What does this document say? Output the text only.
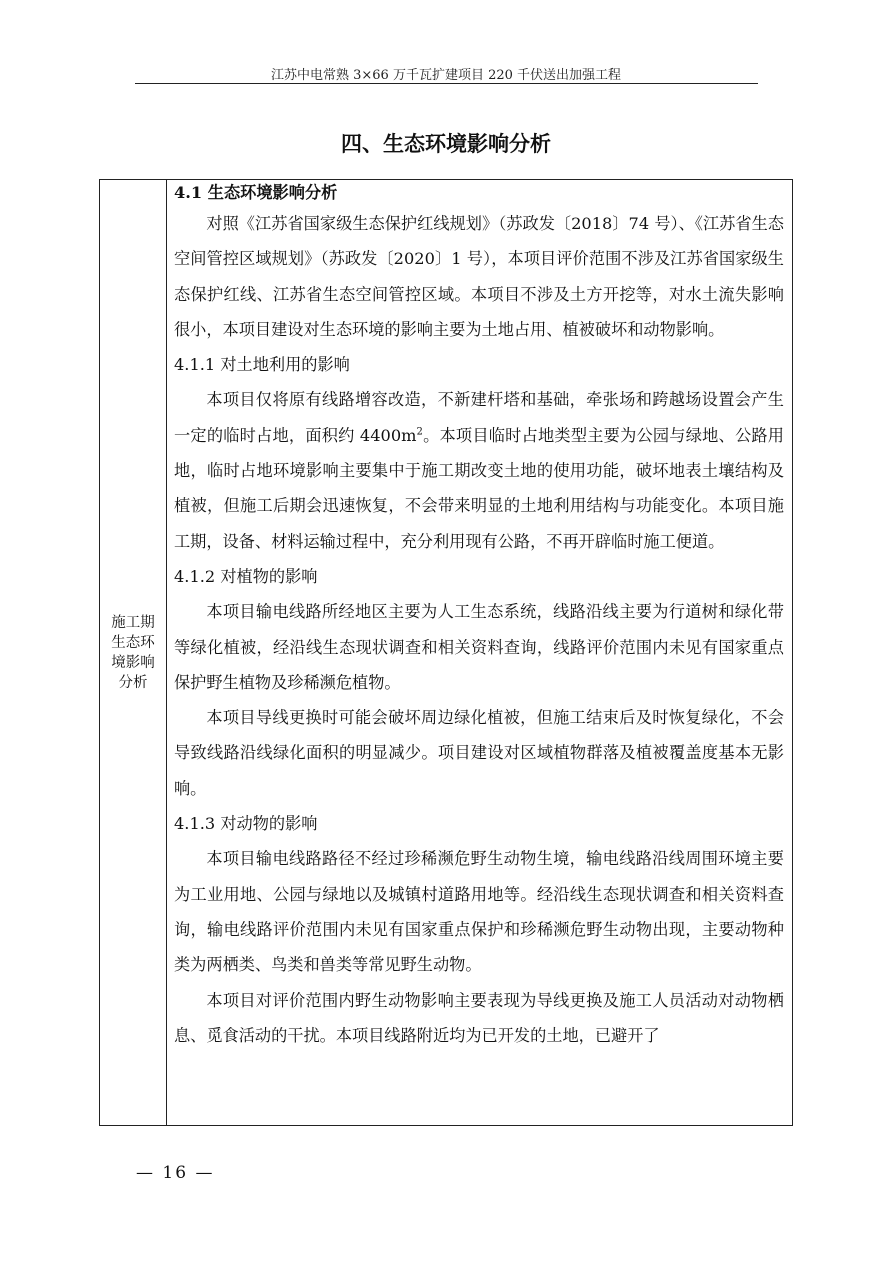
江苏中电常熟 3×66 万千瓦扩建项目 220 千伏送出加强工程
四、生态环境影响分析
施工期
生态环
境影响
分析
4.1 生态环境影响分析

对照《江苏省国家级生态保护红线规划》（苏政发〔2018〕74 号）、《江苏省生态空间管控区域规划》（苏政发〔2020〕1 号），本项目评价范围不涉及江苏省国家级生态保护红线、江苏省生态空间管控区域。本项目不涉及土方开挖等，对水土流失影响很小，本项目建设对生态环境的影响主要为土地占用、植被破坏和动物影响。

4.1.1 对土地利用的影响

本项目仅将原有线路增容改造，不新建杆塔和基础，牵张场和跨越场设置会产生一定的临时占地，面积约 $4400m^2$。本项目临时占地类型主要为公园与绿地、公路用地，临时占地环境影响主要集中于施工期改变土地的使用功能，破坏地表土壤结构及植被，但施工后期会迅速恢复，不会带来明显的土地利用结构与功能变化。本项目施工期，设备、材料运输过程中，充分利用现有公路，不再开辟临时施工便道。

4.1.2 对植物的影响

本项目输电线路所经地区主要为人工生态系统，线路沿线主要为行道树和绿化带等绿化植被，经沿线生态现状调查和相关资料查询，线路评价范围内未见有国家重点保护野生植物及珍稀濒危植物。

本项目导线更换时可能会破坏周边绿化植被，但施工结束后及时恢复绿化，不会导致线路沿线绿化面积的明显减少。项目建设对区域植物群落及植被覆盖度基本无影响。

4.1.3 对动物的影响

本项目输电线路路径不经过珍稀濒危野生动物生境，输电线路沿线周围环境主要为工业用地、公园与绿地以及城镇村道路用地等。经沿线生态现状调查和相关资料查询，输电线路评价范围内未见有国家重点保护和珍稀濒危野生动物出现，主要动物种类为两栖类、鸟类和兽类等常见野生动物。

本项目对评价范围内野生动物影响主要表现为导线更换及施工人员活动对动物栖息、觅食活动的干扰。本项目线路附近均为已开发的土地，已避开了

— 16 —
